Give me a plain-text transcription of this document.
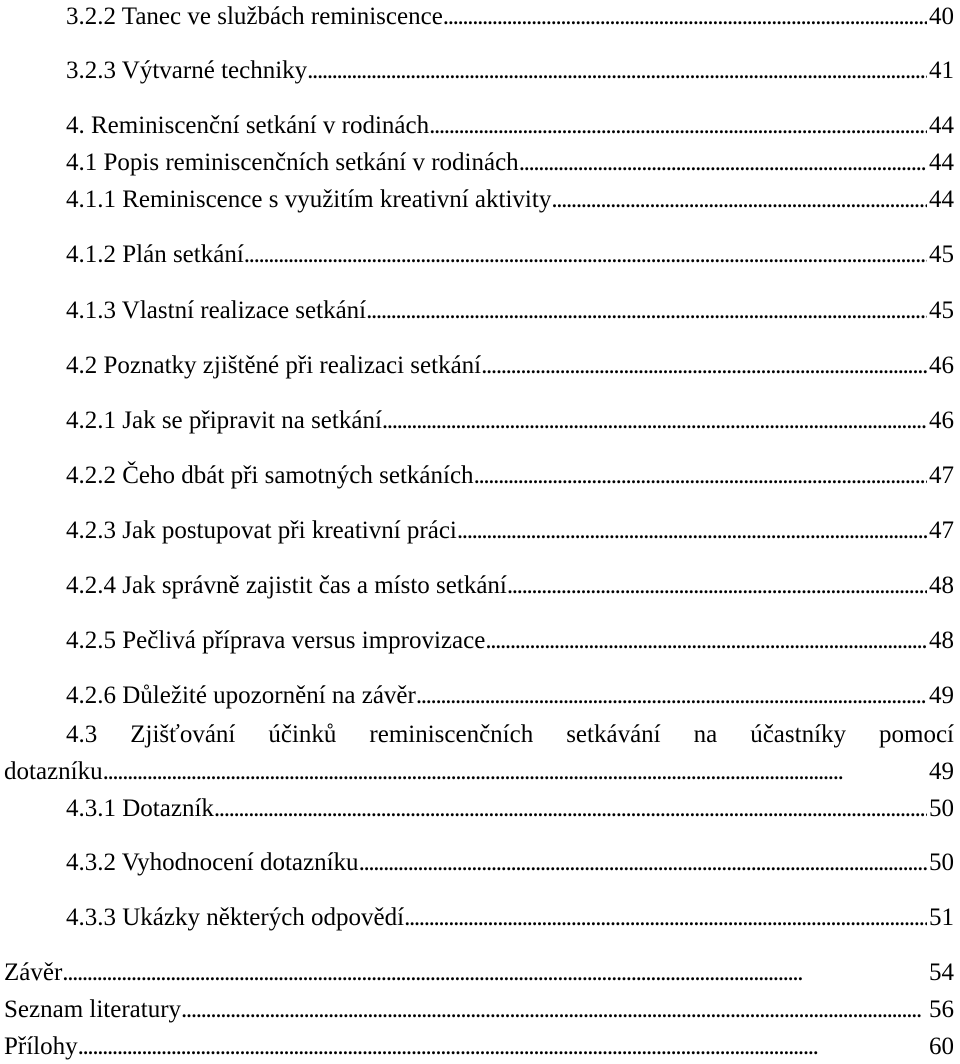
3.2.2 Tanec ve službách reminiscence . . .	40
3.2.3 Výtvarné techniky . . .	41
4. Reminiscenční setkání v rodinách . . .	44
4.1 Popis reminiscenčních setkání v rodinách . . .	44
4.1.1 Reminiscence s využitím kreativní aktivity . . .	44
4.1.2 Plán setkání . . .	45
4.1.3 Vlastní realizace setkání . . .	45
4.2 Poznatky zjištěné při realizaci setkání . . .	46
4.2.1 Jak se připravit na setkání . . .	46
4.2.2 Čeho dbát při samotných setkáních . . .	47
4.2.3 Jak postupovat při kreativní práci . . .	47
4.2.4 Jak správně zajistit čas a místo setkání . . .	48
4.2.5 Pečlivá příprava versus improvizace . . .	48
4.2.6 Důležité upozornění na závěr . . .	49
4.3 Zjišťování účinků reminiscenčních setkávání na účastníky pomocí
dotazníku . . .	49
4.3.1 Dotazník . . .	50
4.3.2 Vyhodnocení dotazníku . . .	50
4.3.3 Ukázky některých odpovědí . . .	51
Závěr . . .	54
Seznam literatury . . .	56
Přílohy . . .	60
